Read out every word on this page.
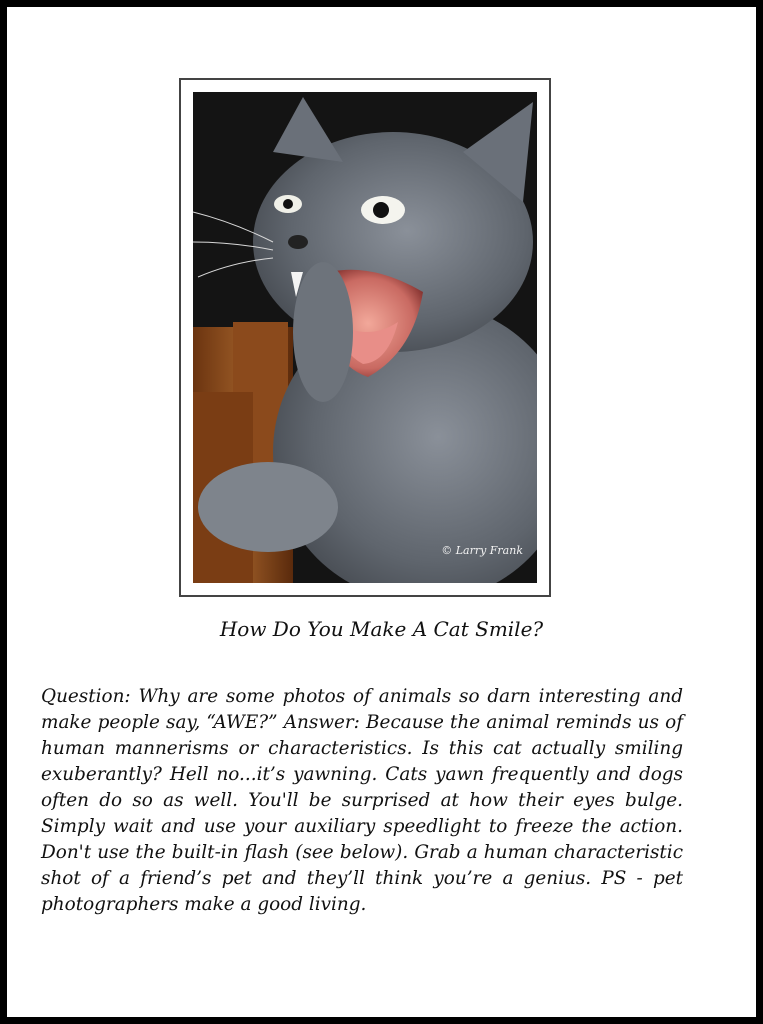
© Larry Frank
How Do You Make A Cat Smile?

Question: Why are some photos of animals so darn interesting and make people say, “AWE?” Answer: Because the animal reminds us of human mannerisms or characteristics. Is this cat actually smiling exuberantly? Hell no...it’s yawning. Cats yawn frequently and dogs often do so as well. You'll be surprised at how their eyes bulge. Simply wait and use your auxiliary speedlight to freeze the action. Don't use the built-in flash (see below). Grab a human characteristic shot of a friend’s pet and they’ll think you’re a genius. PS - pet photographers make a good living.
